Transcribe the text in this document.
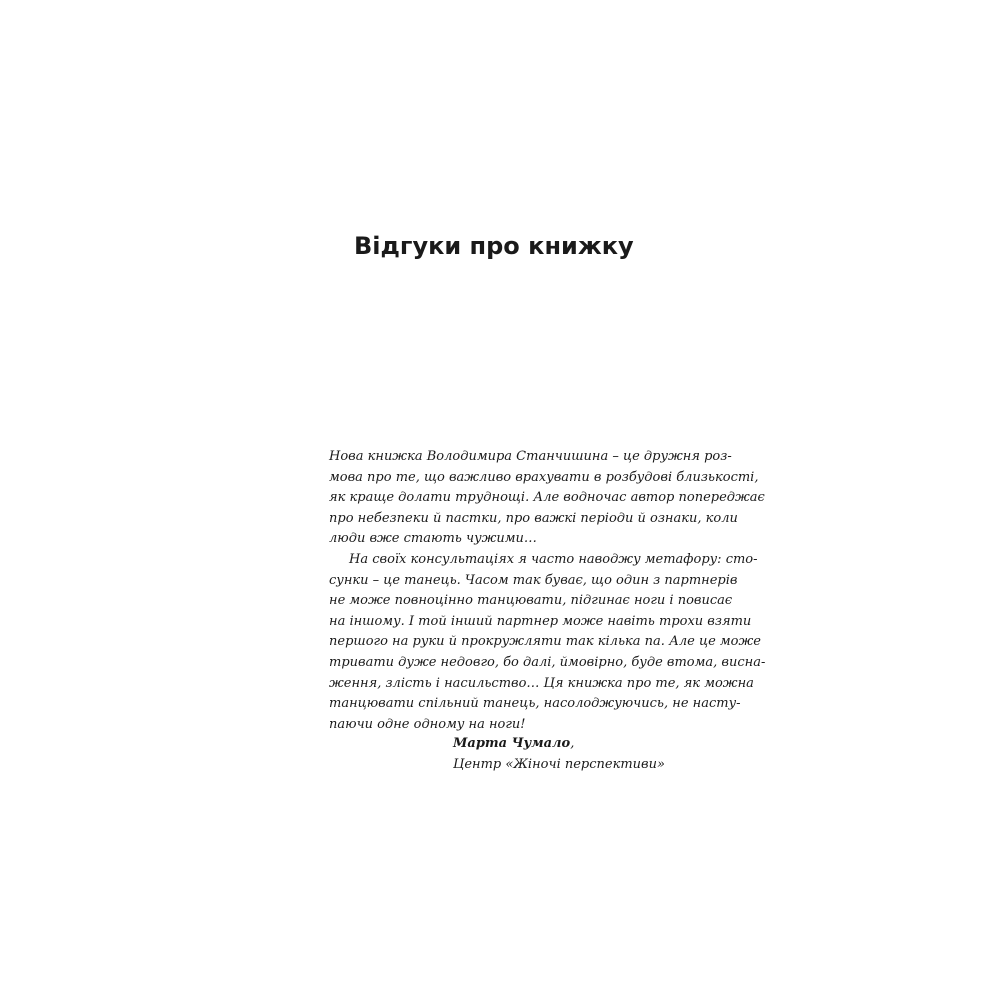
Відгуки про книжку

Нова книжка Володимира Станчишина – це дружня роз-
мова про те, що важливо врахувати в розбудові близькості,
як краще долати труднощі. Але водночас автор попереджає
про небезпеки й пастки, про важкі періоди й ознаки, коли
люди вже стають чужими…

На своїх консультаціях я часто наводжу метафору: сто-
сунки – це танець. Часом так буває, що один з партнерів
не може повноцінно танцювати, підгинає ноги і повисає
на іншому. І той інший партнер може навіть трохи взяти
першого на руки й прокружляти так кілька па. Але це може
тривати дуже недовго, бо далі, ймовірно, буде втома, висна-
ження, злість і насильство… Ця книжка про те, як можна
танцювати спільний танець, насолоджуючись, не насту-
паючи одне одному на ноги!

Марта Чумало,
Центр «Жіночі перспективи»
